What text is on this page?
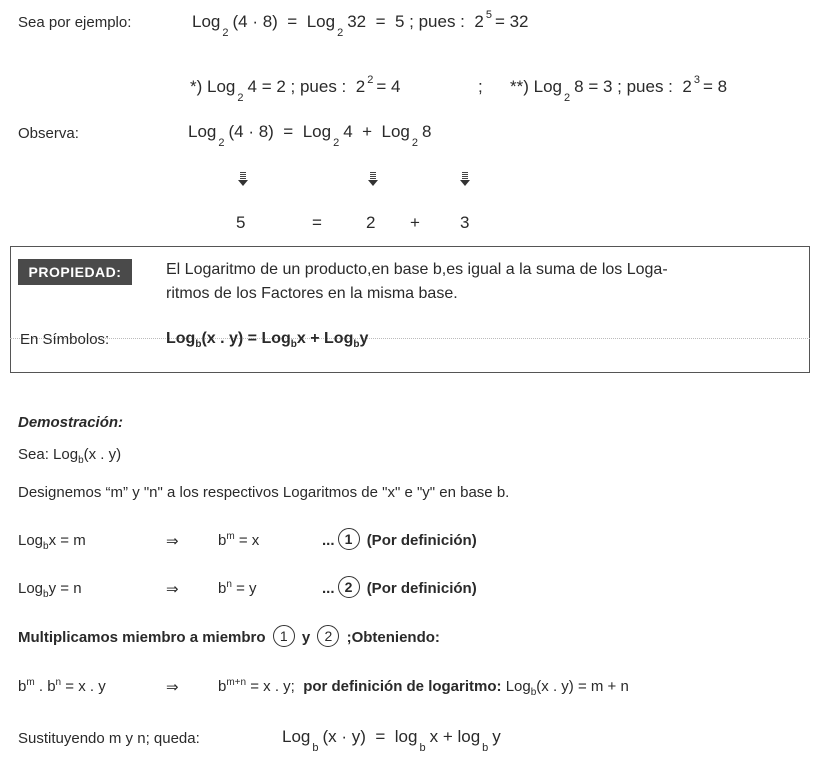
Sea por ejemplo:	Log$_2$(4 · 8) = Log$_2$32 = 5 ; pues : 2 $^5$ = 32
*) Log$_2$4 = 2 ; pues : 2 $^2$ = 4	; **) Log$_2$8 = 3 ; pues : 2 $^3$ = 8
Observa:	Log$_2$(4 · 8) = Log$_2$4 + Log$_2$8
5	=	2 + 3
PROPIEDAD:	El Logaritmo de un producto,en base b,es igual a la suma de los Loga-
ritmos de los Factores en la misma base.
En Símbolos:	Log$_b$(x . y) = Log$_b$x + Log$_b$y
Demostración:
Sea: Log$_b$(x . y)
Designemos “m” y "n" a los respectivos Logaritmos de "x" e "y" en base b.
Log$_b$x = m	⇒	$b^m = x$	... 1 (Por definición)
Log$_b$y = n	⇒	$b^n = y$	... 2 (Por definición)
Multiplicamos miembro a miembro 1 y 2 ;Obteniendo:
$b^m$ . $b^n = x$ . y	⇒	$b^{m+n} = x$ . y; por definición de logaritmo: Log$_b$(x . y) = m + n
Sustituyendo m y n; queda:	$Log_b(x \cdot y) = \log_bx + \log_by$
